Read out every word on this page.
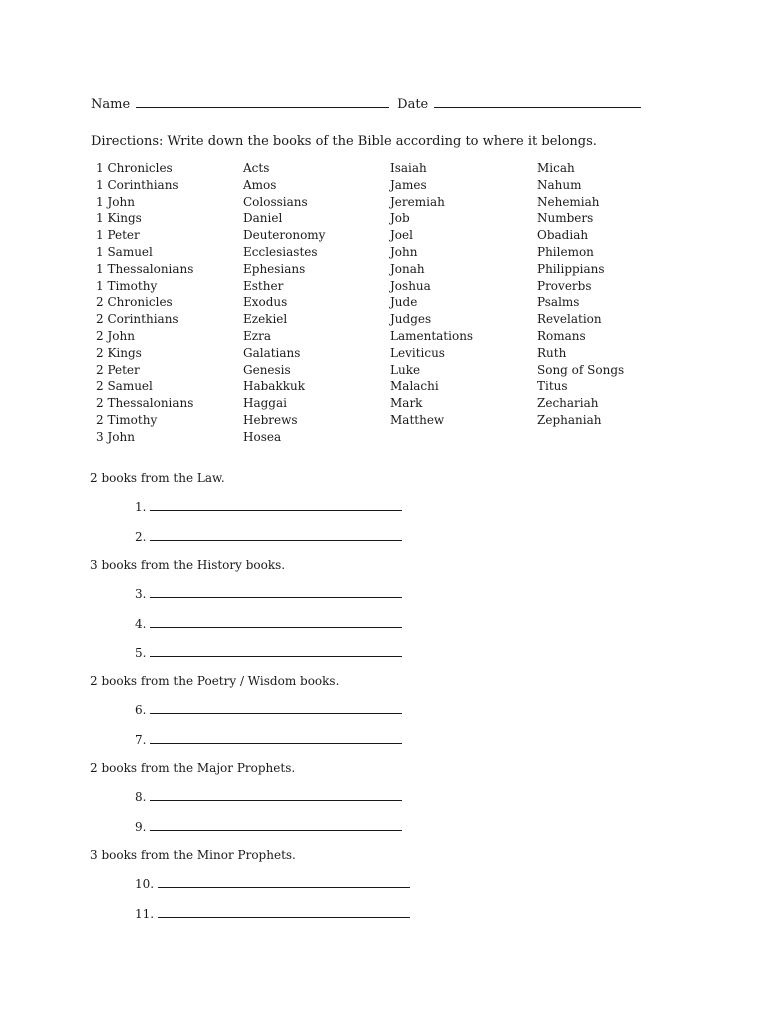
Name	Date
Directions: Write down the books of the Bible according to where it belongs.
1 Chronicles
1 Corinthians
1 John
1 Kings
1 Peter
1 Samuel
1 Thessalonians
1 Timothy
2 Chronicles
2 Corinthians
2 John
2 Kings
2 Peter
2 Samuel
2 Thessalonians
2 Timothy
3 John
Acts
Amos
Colossians
Daniel
Deuteronomy
Ecclesiastes
Ephesians
Esther
Exodus
Ezekiel
Ezra
Galatians
Genesis
Habakkuk
Haggai
Hebrews
Hosea
Isaiah
James
Jeremiah
Job
Joel
John
Jonah
Joshua
Jude
Judges
Lamentations
Leviticus
Luke
Malachi
Mark
Matthew
Micah
Nahum
Nehemiah
Numbers
Obadiah
Philemon
Philippians
Proverbs
Psalms
Revelation
Romans
Ruth
Song of Songs
Titus
Zechariah
Zephaniah
2 books from the Law.
1.
2.
3 books from the History books.
3.
4.
5.
2 books from the Poetry / Wisdom books.
6.
7.
2 books from the Major Prophets.
8.
9.
3 books from the Minor Prophets.
10.
11.
